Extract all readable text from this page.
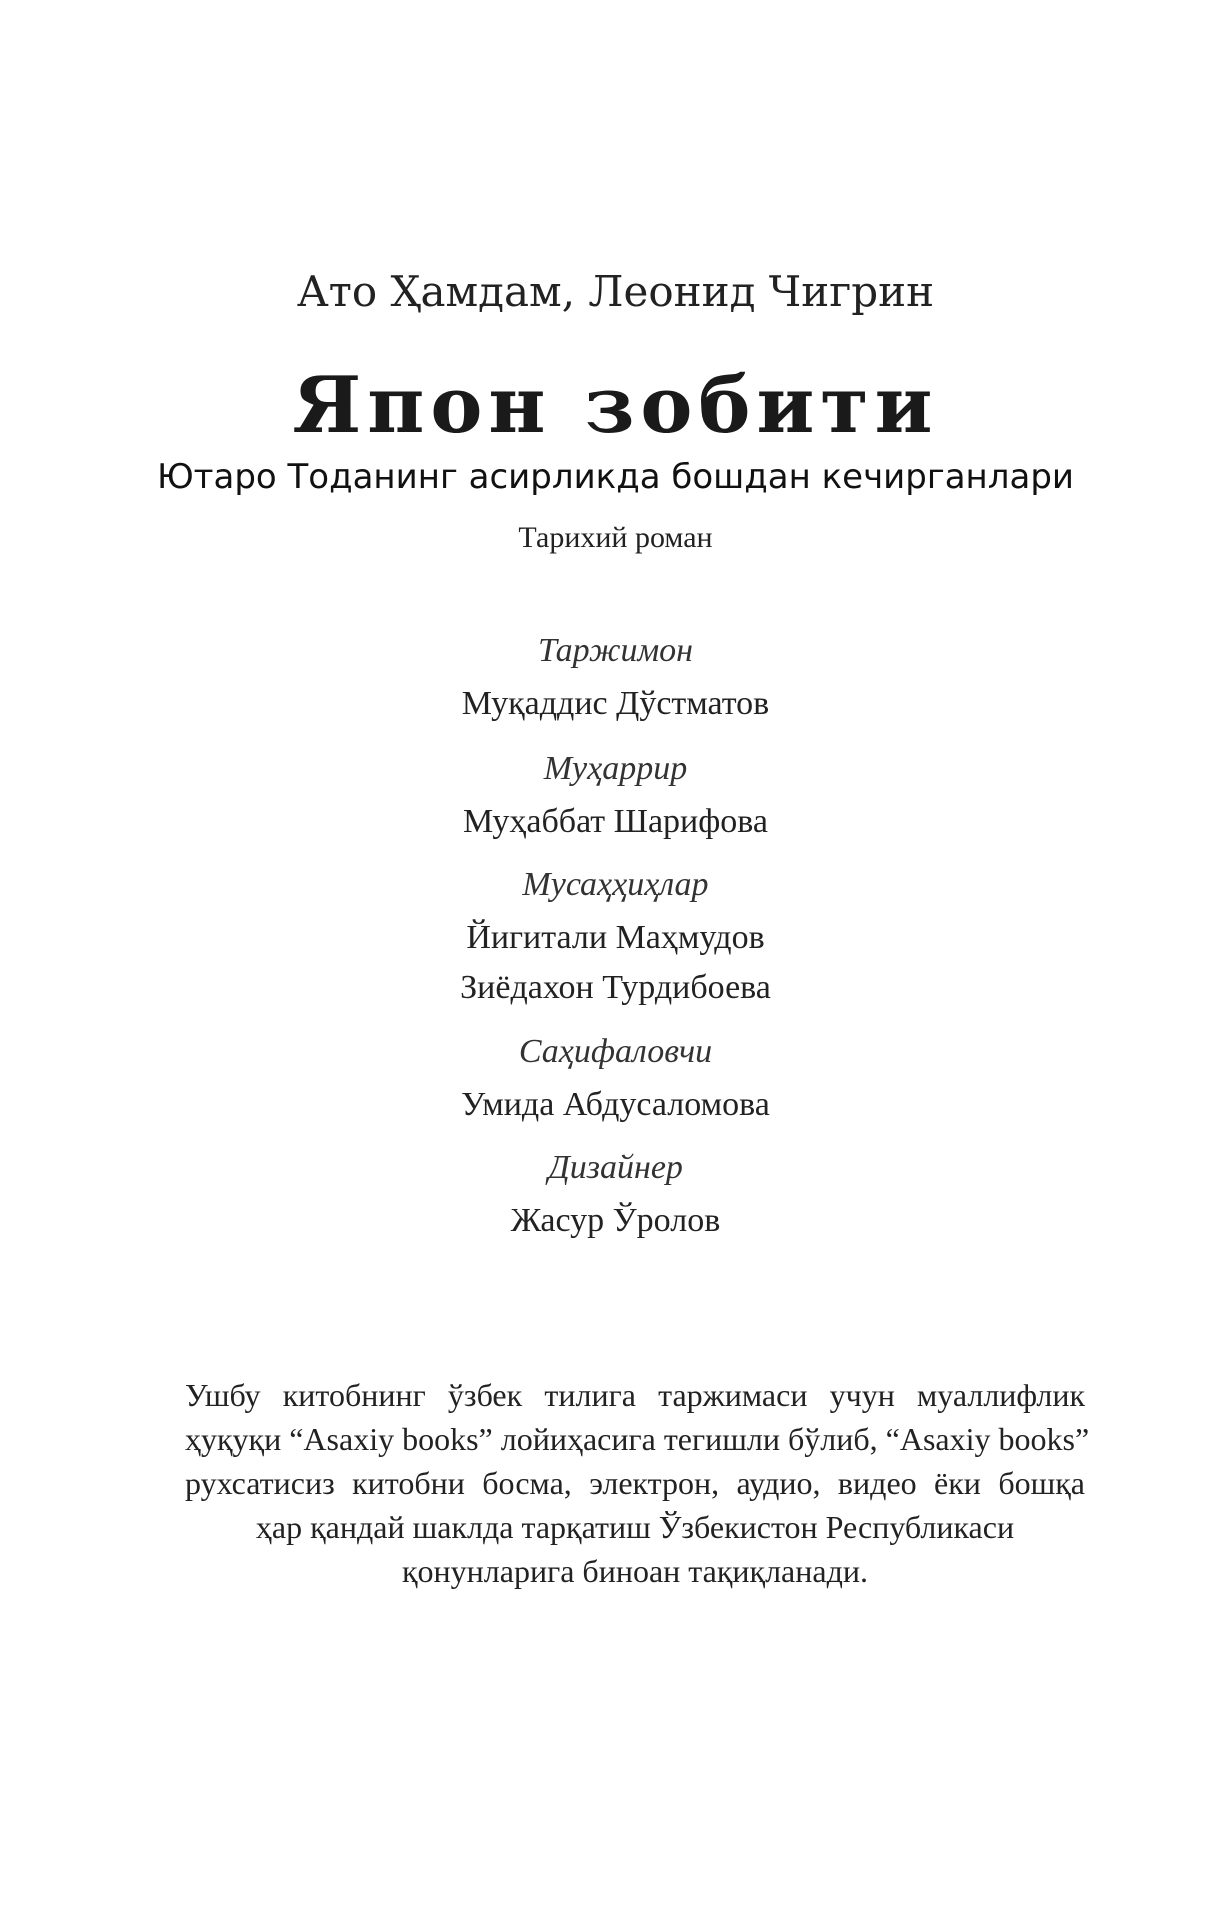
Ато Ҳамдам, Леонид Чигрин
Япон зобити
Ютаро Тоданинг асирликда бошдан кечирганлари
Тарихий роман
Таржимон
Муқаддис Дўстматов
Муҳаррир
Муҳаббат Шарифова
Мусаҳҳиҳлар
Йигитали Маҳмудов
Зиёдахон Турдибоева
Саҳифаловчи
Умида Абдусаломова
Дизайнер
Жасур Ўролов
Ушбу китобнинг ўзбек тилига таржимаси учун муаллифлик
ҳуқуқи “Asaxiy books” лойиҳасига тегишли бўлиб, “Asaxiy books”
рухсатисиз китобни босма, электрон, аудио, видео ёки бошқа
ҳар қандай шаклда тарқатиш Ўзбекистон Республикаси
қонунларига биноан тақиқланади.
